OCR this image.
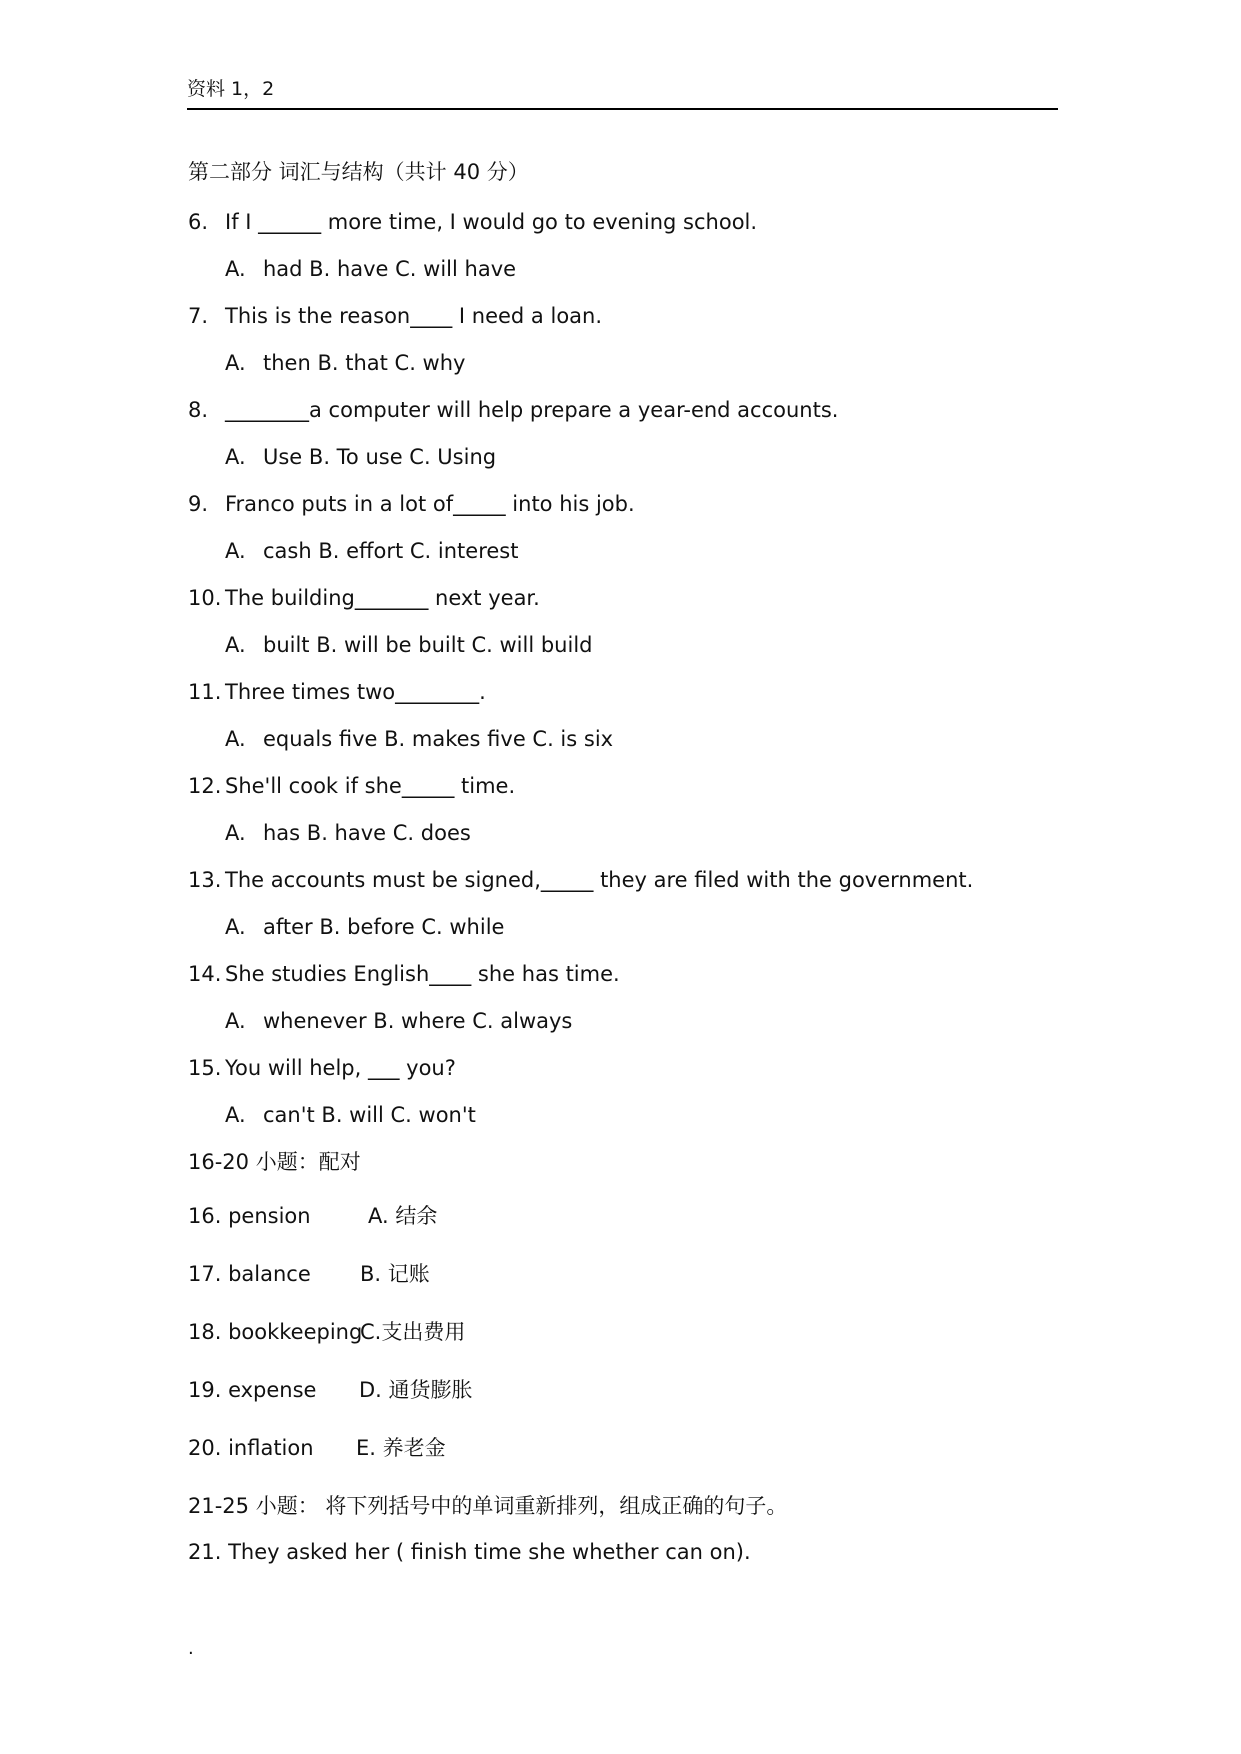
资料 1，2
第二部分 词汇与结构（共计 40 分）
6. If I ______ more time, I would go to evening school.
A. had B. have C. will have
7. This is the reason____ I need a loan.
A. then B. that C. why
8. ________a computer will help prepare a year-end accounts.
A. Use B. To use C. Using
9. Franco puts in a lot of_____ into his job.
A. cash B. effort C. interest
10. The building_______ next year.
A. built B. will be built C. will build
11. Three times two________.
A. equals five B. makes five C. is six
12. She'll cook if she_____ time.
A. has B. have C. does
13. The accounts must be signed,_____ they are filed with the government.
A. after B. before C. while
14. She studies English____ she has time.
A. whenever B. where C. always
15. You will help, ___ you?
A. can't B. will C. won't
16-20 小题：配对
16. pension	A. 结余
17. balance B. 记账
18. bookkeepingC.支出费用
19. expense D. 通货膨胀
20. inflation E. 养老金
21-25 小题： 将下列括号中的单词重新排列，组成正确的句子。
21. They asked her ( finish time she whether can on).
.
